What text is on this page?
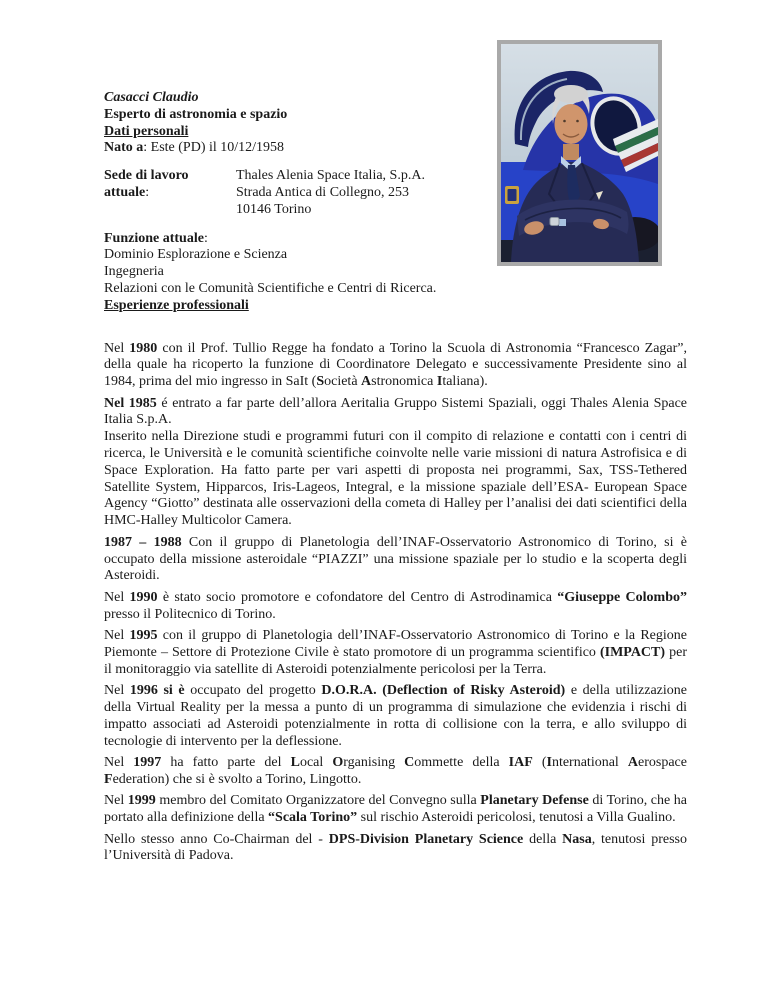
Casacci Claudio

Esperto di astronomia e spazio

Dati personali

Nato a: Este (PD) il 10/12/1958

Sede di lavoro attuale:

Thales Alenia Space Italia, S.p.A.

Strada Antica di Collegno, 253

10146 Torino

Funzione attuale:

Dominio Esplorazione e Scienza

Ingegneria

Relazioni con le Comunità Scientifiche e Centri di Ricerca.

Esperienze professionali

Nel 1980 con il Prof. Tullio Regge ha fondato a Torino la Scuola di Astronomia “Francesco Zagar”, della quale ha ricoperto la funzione di Coordinatore Delegato e successivamente Presidente sino al 1984, prima del mio ingresso in SaIt (Società Astronomica Italiana).

Nel 1985 é entrato a far parte dell’allora Aeritalia Gruppo Sistemi Spaziali, oggi Thales Alenia Space Italia S.p.A.
Inserito nella Direzione studi e programmi futuri con il compito di relazione e contatti con i centri di ricerca, le Università e le comunità scientifiche coinvolte nelle varie missioni di natura Astrofisica e di Space Exploration. Ha fatto parte per vari aspetti di proposta nei programmi, Sax, TSS-Tethered Satellite System, Hipparcos, Iris-Lageos, Integral, e la missione spaziale dell’ESA- European Space Agency “Giotto” destinata alle osservazioni della cometa di Halley per l’analisi dei dati scientifici della HMC-Halley Multicolor Camera.

1987 – 1988 Con il gruppo di Planetologia dell’INAF-Osservatorio Astronomico di Torino, si è occupato della missione asteroidale “PIAZZI” una missione spaziale per lo studio e la scoperta degli Asteroidi.

Nel 1990 è stato socio promotore e cofondatore del Centro di Astrodinamica “Giuseppe Colombo” presso il Politecnico di Torino.

Nel 1995 con il gruppo di Planetologia dell’INAF-Osservatorio Astronomico di Torino e la Regione Piemonte – Settore di Protezione Civile è stato promotore di un programma scientifico (IMPACT) per il monitoraggio via satellite di Asteroidi potenzialmente pericolosi per la Terra.

Nel 1996 si è occupato del progetto D.O.R.A. (Deflection of Risky Asteroid) e della utilizzazione della Virtual Reality per la messa a punto di un programma di simulazione che evidenzia i rischi di impatto associati ad Asteroidi potenzialmente in rotta di collisione con la terra, e allo sviluppo di tecnologie di intervento per la deflessione.

Nel 1997 ha fatto parte del Local Organising Commette della IAF (International Aerospace Federation) che si è svolto a Torino, Lingotto.

Nel 1999 membro del Comitato Organizzatore del Convegno sulla Planetary Defense di Torino, che ha portato alla definizione della “Scala Torino” sul rischio Asteroidi pericolosi, tenutosi a Villa Gualino.

Nello stesso anno Co-Chairman del - DPS-Division Planetary Science della Nasa, tenutosi presso l’Università di Padova.
